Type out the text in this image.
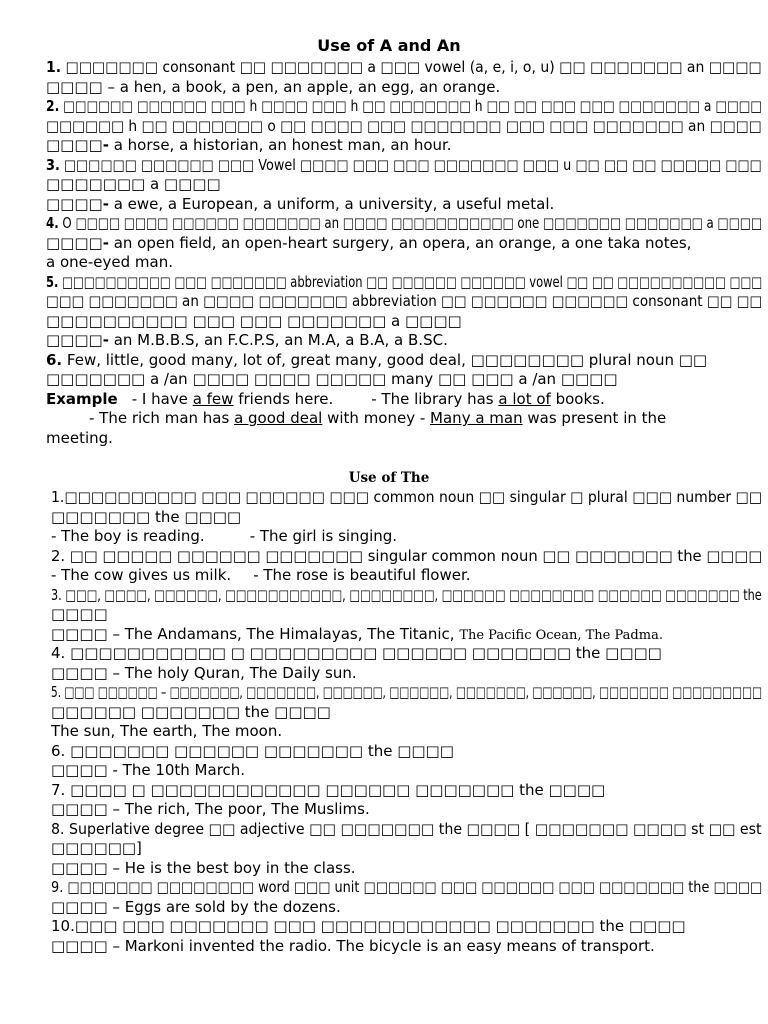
Use of A and An
1. □□□□□□□ consonant □□ □□□□□□□ a □□□ vowel (a, e, i, o, u) □□ □□□□□□□ an □□□□
□□□□ – a hen, a book, a pen, an apple, an egg, an orange.
2. □□□□□□ □□□□□□ □□□ h □□□□ □□□ h □□ □□□□□□□ h □□ □□ □□□ □□□ □□□□□□□ a □□□□
□□□□□□ h □□ □□□□□□□ o □□ □□□□ □□□ □□□□□□□ □□□ □□□ □□□□□□□ an □□□□
□□□□- a horse, a historian, an honest man, an hour.
3. □□□□□□ □□□□□□ □□□ Vowel □□□□ □□□ □□□ □□□□□□□ □□□ u □□ □□ □□ □□□□□ □□□
□□□□□□□ a □□□□
□□□□- a ewe, a European, a uniform, a university, a useful metal.
4. O □□□□ □□□□ □□□□□□ □□□□□□□ an □□□□ □□□□□□□□□□□ one □□□□□□□ □□□□□□□ a □□□□
□□□□- an open field, an open-heart surgery, an opera, an orange, a one taka notes,
a one-eyed man.
5. □□□□□□□□□□ □□□ □□□□□□□ abbreviation □□ □□□□□□ □□□□□□ vowel □□ □□ □□□□□□□□□□ □□□
□□□ □□□□□□□ an □□□□ □□□□□□□ abbreviation □□ □□□□□□ □□□□□□ consonant □□ □□
□□□□□□□□□□ □□□ □□□ □□□□□□□ a □□□□
□□□□- an M.B.B.S, an F.C.P.S, an M.A, a B.A, a B.SC.
6. Few, little, good many, lot of, great many, good deal, □□□□□□□□ plural noun □□
□□□□□□□ a /an □□□□ □□□□ □□□□□ many □□ □□□ a /an □□□□
Example - I have a few friends here.	- The library has a lot of books.
- The rich man has a good deal with money - Many a man was present in the
meeting.
Use of The
1.□□□□□□□□□□ □□□ □□□□□□ □□□ common noun □□ singular □ plural □□□ number □□
□□□□□□□ the □□□□
- The boy is reading.	- The girl is singing.
2. □□ □□□□□ □□□□□□ □□□□□□□ singular common noun □□ □□□□□□□ the □□□□
- The cow gives us milk. - The rose is beautiful flower.
3. □□□, □□□□, □□□□□□, □□□□□□□□□□□, □□□□□□□□, □□□□□□ □□□□□□□□ □□□□□□ □□□□□□□ the
□□□□
□□□□ – The Andamans, The Himalayas, The Titanic, The Pacific Ocean, The Padma.
4. □□□□□□□□□□□ □ □□□□□□□□□ □□□□□□ □□□□□□□ the □□□□
□□□□ – The holy Quran, The Daily sun.
5. □□□ □□□□□□ – □□□□□□□, □□□□□□□, □□□□□□, □□□□□□, □□□□□□□, □□□□□□, □□□□□□□ □□□□□□□□□
□□□□□□ □□□□□□□ the □□□□
The sun, The earth, The moon.
6. □□□□□□□ □□□□□□ □□□□□□□ the □□□□
□□□□ - The 10th March.
7. □□□□ □ □□□□□□□□□□□□ □□□□□□ □□□□□□□ the □□□□
□□□□ – The rich, The poor, The Muslims.
8. Superlative degree □□ adjective □□ □□□□□□□ the □□□□ [ □□□□□□□ □□□□ st □□ est
□□□□□□]
□□□□ – He is the best boy in the class.
9. □□□□□□□ □□□□□□□□ word □□□ unit □□□□□□ □□□ □□□□□□ □□□ □□□□□□□ the □□□□
□□□□ – Eggs are sold by the dozens.
10.□□□ □□□ □□□□□□□ □□□ □□□□□□□□□□□□ □□□□□□□ the □□□□
□□□□ – Markoni invented the radio. The bicycle is an easy means of transport.
